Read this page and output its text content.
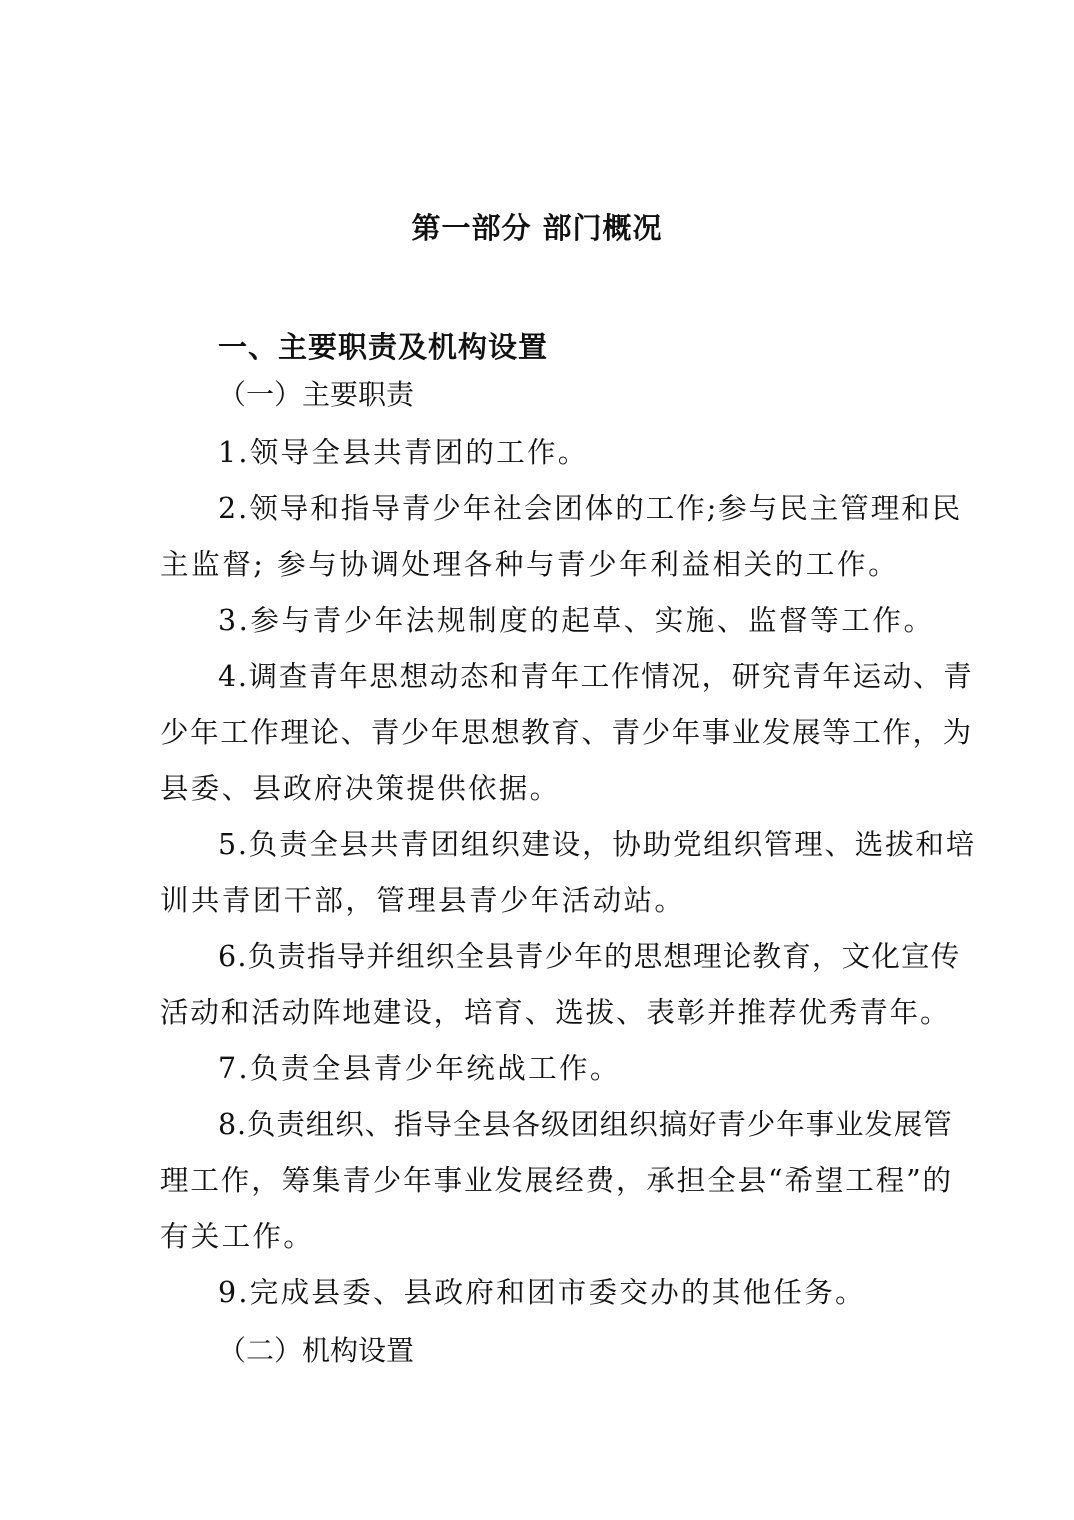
第一部分 部门概况
一、主要职责及机构设置

（一）主要职责

1.领导全县共青团的工作。

2.领导和指导青少年社会团体的工作;参与民主管理和民

主监督; 参与协调处理各种与青少年利益相关的工作。

3.参与青少年法规制度的起草、实施、监督等工作。

4.调查青年思想动态和青年工作情况，研究青年运动、青

少年工作理论、青少年思想教育、青少年事业发展等工作，为

县委、县政府决策提供依据。

5.负责全县共青团组织建设，协助党组织管理、选拔和培

训共青团干部，管理县青少年活动站。

6.负责指导并组织全县青少年的思想理论教育，文化宣传

活动和活动阵地建设，培育、选拔、表彰并推荐优秀青年。

7.负责全县青少年统战工作。

8.负责组织、指导全县各级团组织搞好青少年事业发展管

理工作，筹集青少年事业发展经费，承担全县“希望工程”的

有关工作。

9.完成县委、县政府和团市委交办的其他任务。

（二）机构设置
